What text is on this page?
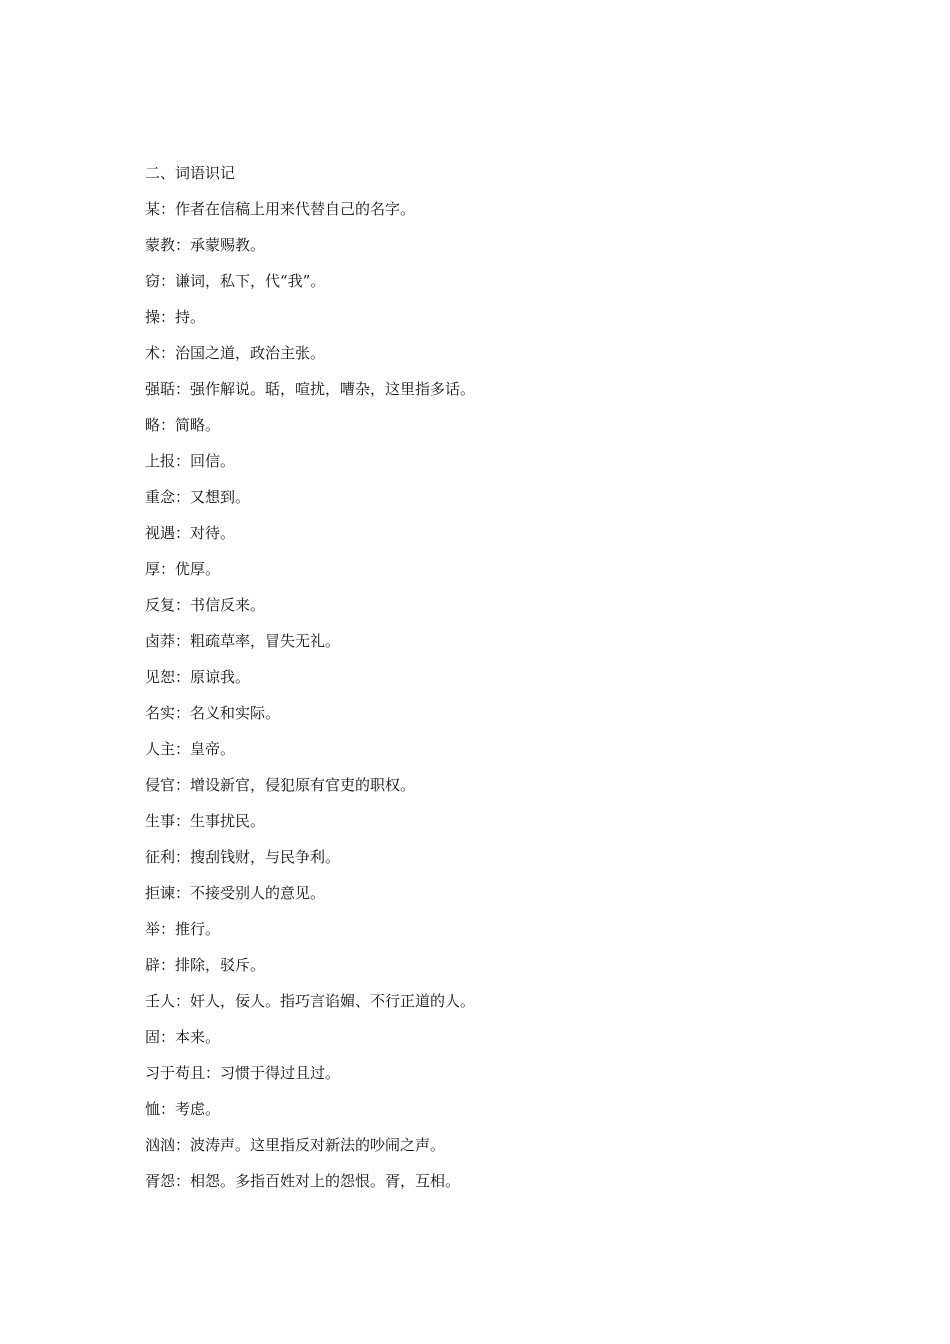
二、词语识记
某：作者在信稿上用来代替自己的名字。
蒙教：承蒙赐教。
窃：谦词，私下，代“我”。
操：持。
术：治国之道，政治主张。
强聒：强作解说。聒，喧扰，嘈杂，这里指多话。
略：简略。
上报：回信。
重念：又想到。
视遇：对待。
厚：优厚。
反复：书信反来。
卤莽：粗疏草率，冒失无礼。
见恕：原谅我。
名实：名义和实际。
人主：皇帝。
侵官：增设新官，侵犯原有官吏的职权。
生事：生事扰民。
征利：搜刮钱财，与民争利。
拒谏：不接受别人的意见。
举：推行。
辟：排除，驳斥。
壬人：奸人，佞人。指巧言谄媚、不行正道的人。
固：本来。
习于苟且：习惯于得过且过。
恤：考虑。
汹汹：波涛声。这里指反对新法的吵闹之声。
胥怨：相怨。多指百姓对上的怨恨。胥，互相。
